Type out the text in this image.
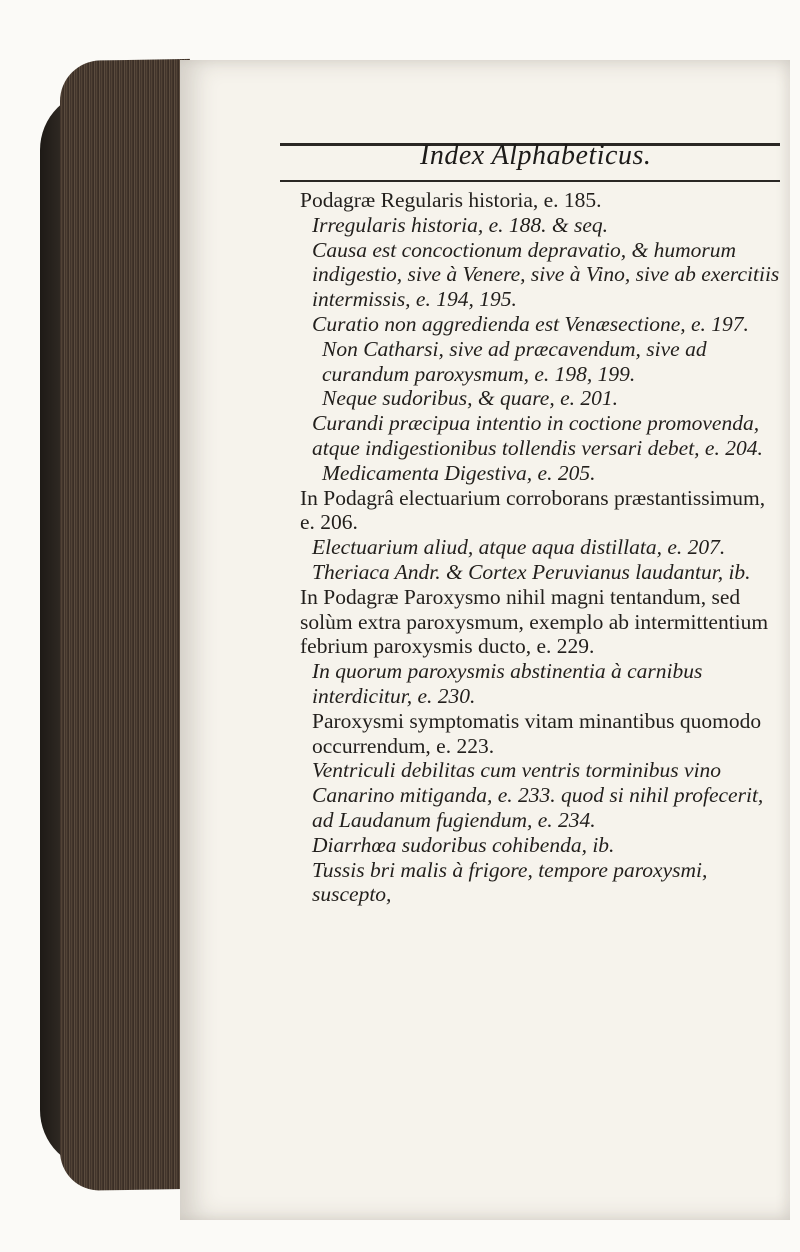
Index Alphabeticus.

Podagræ Regularis historia, e. 185.

Irregularis historia, e. 188. & seq.

Causa est concoctionum depravatio, & humorum indigestio, sive à Venere, sive à Vino, sive ab exercitiis intermissis, e. 194, 195.

Curatio non aggredienda est Venæsectione, e. 197.

Non Catharsi, sive ad præcavendum, sive ad curandum paroxysmum, e. 198, 199.

Neque sudoribus, & quare, e. 201.

Curandi præcipua intentio in coctione promovenda, atque indigestionibus tollendis versari debet, e. 204.

Medicamenta Digestiva, e. 205.

In Podagrâ electuarium corroborans præstantissimum, e. 206.

Electuarium aliud, atque aqua distillata, e. 207.

Theriaca Andr. & Cortex Peruvianus laudantur, ib.

In Podagræ Paroxysmo nihil magni tentandum, sed solùm extra paroxysmum, exemplo ab intermittentium febrium paroxysmis ducto, e. 229.

In quorum paroxysmis abstinentia à carnibus interdicitur, e. 230.

Paroxysmi symptomatis vitam minantibus quomodo occurrendum, e. 223.

Ventriculi debilitas cum ventris torminibus vino Canarino mitiganda, e. 233. quod si nihil profecerit, ad Laudanum fugiendum, e. 234.

Diarrhœa sudoribus cohibenda, ib.

Tussis bri malis à frigore, tempore paroxysmi, suscepto,
